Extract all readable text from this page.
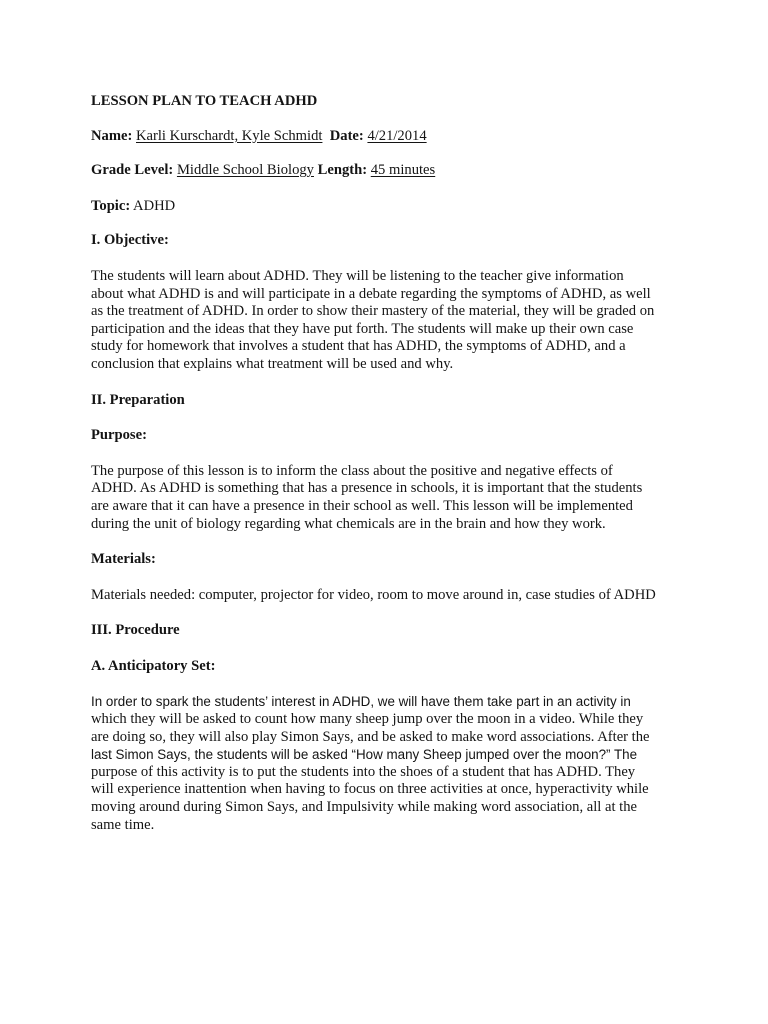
LESSON PLAN TO TEACH ADHD

Name: Karli Kurschardt, Kyle Schmidt Date: 4/21/2014

Grade Level: Middle School Biology Length: 45 minutes

Topic: ADHD

I. Objective:

The students will learn about ADHD. They will be listening to the teacher give information
about what ADHD is and will participate in a debate regarding the symptoms of ADHD, as well
as the treatment of ADHD. In order to show their mastery of the material, they will be graded on
participation and the ideas that they have put forth. The students will make up their own case
study for homework that involves a student that has ADHD, the symptoms of ADHD, and a
conclusion that explains what treatment will be used and why.

II. Preparation

Purpose:

The purpose of this lesson is to inform the class about the positive and negative effects of
ADHD. As ADHD is something that has a presence in schools, it is important that the students
are aware that it can have a presence in their school as well. This lesson will be implemented
during the unit of biology regarding what chemicals are in the brain and how they work.

Materials:

Materials needed: computer, projector for video, room to move around in, case studies of ADHD

III. Procedure

A. Anticipatory Set:

In order to spark the students’ interest in ADHD, we will have them take part in an activity in
which they will be asked to count how many sheep jump over the moon in a video. While they
are doing so, they will also play Simon Says, and be asked to make word associations. After the
last Simon Says, the students will be asked “How many Sheep jumped over the moon?” The
purpose of this activity is to put the students into the shoes of a student that has ADHD. They
will experience inattention when having to focus on three activities at once, hyperactivity while
moving around during Simon Says, and Impulsivity while making word association, all at the
same time.
